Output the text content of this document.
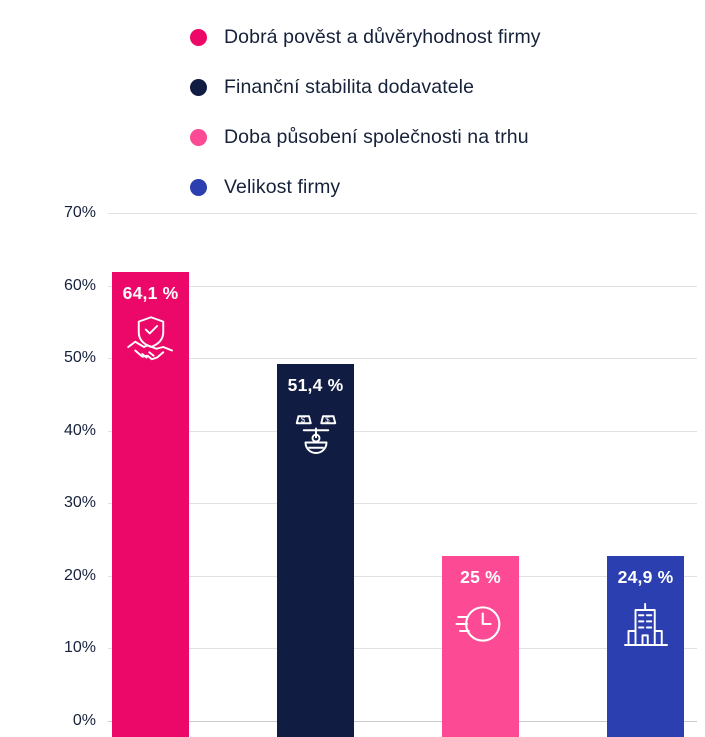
Dobrá pověst a důvěryhodnost firmy
Finanční stabilita dodavatele
Doba působení společnosti na trhu
Velikost firmy
70%
60%
50%
40%
30%
20%
10%
0%
64,1 %
51,4 %
$ $
25 %	24,9 %
